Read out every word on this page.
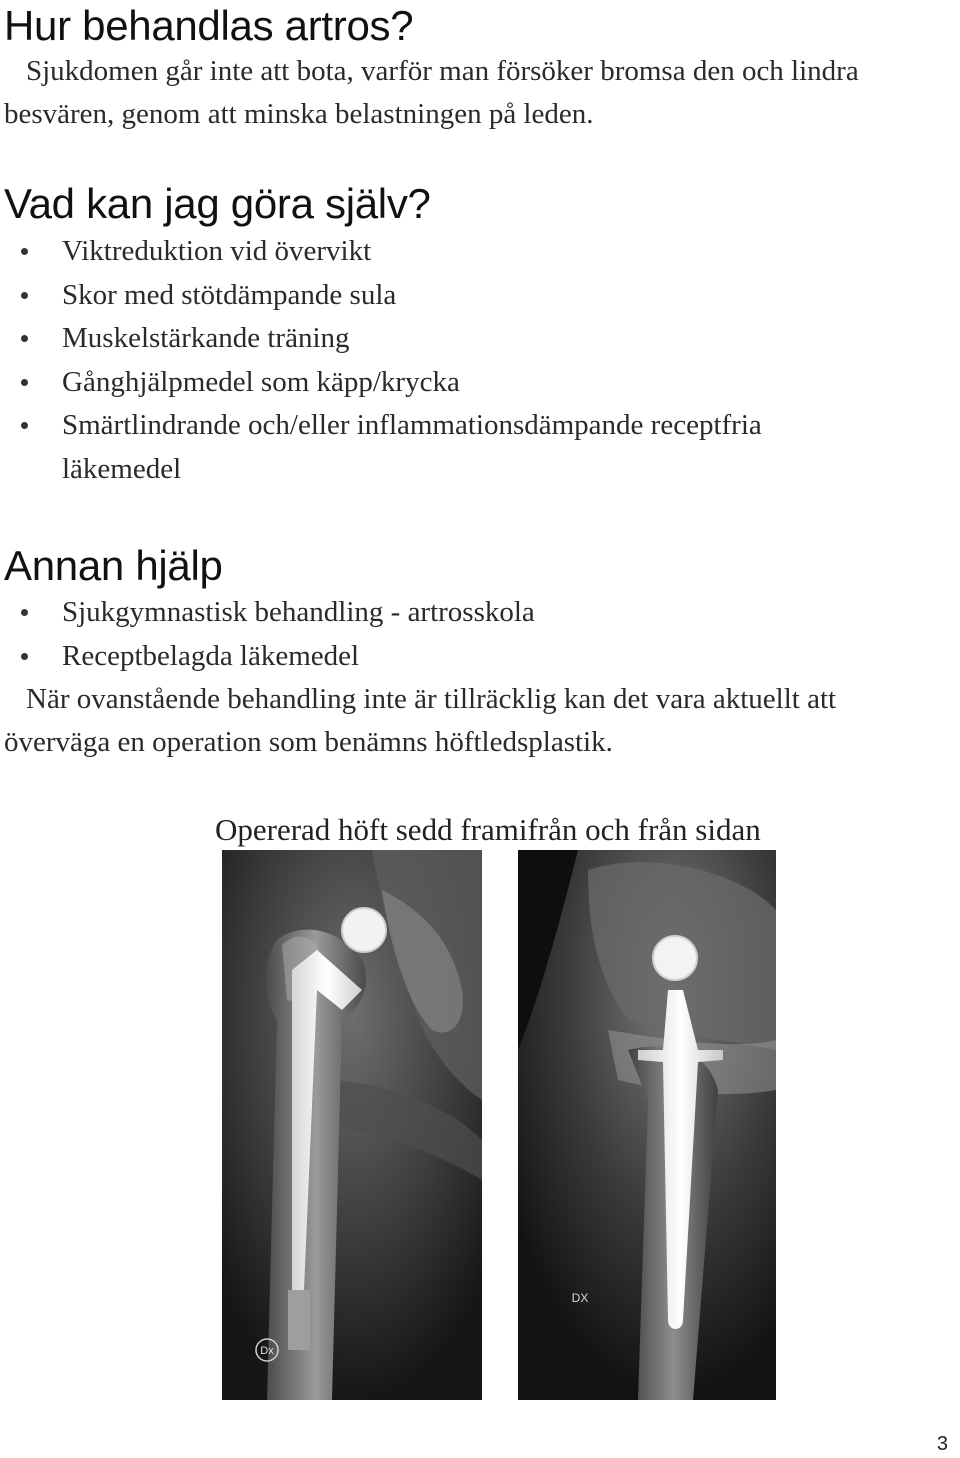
Hur behandlas artros?

Sjukdomen går inte att bota, varför man försöker bromsa den och lindra besvären, genom att minska belastningen på leden.

Vad kan jag göra själv?
Viktreduktion vid övervikt
Skor med stötdämpande sula
Muskelstärkande träning
Gånghjälpmedel som käpp/krycka
Smärtlindrande och/eller inflammationsdämpande receptfria läkemedel
Annan hjälp
Sjukgymnastisk behandling - artrosskola
Receptbelagda läkemedel

När ovanstående behandling inte är tillräcklig kan det vara aktuellt att överväga en operation som benämns höftledsplastik.

Opererad höft sedd framifrån och från sidan

Dx
DX
3
